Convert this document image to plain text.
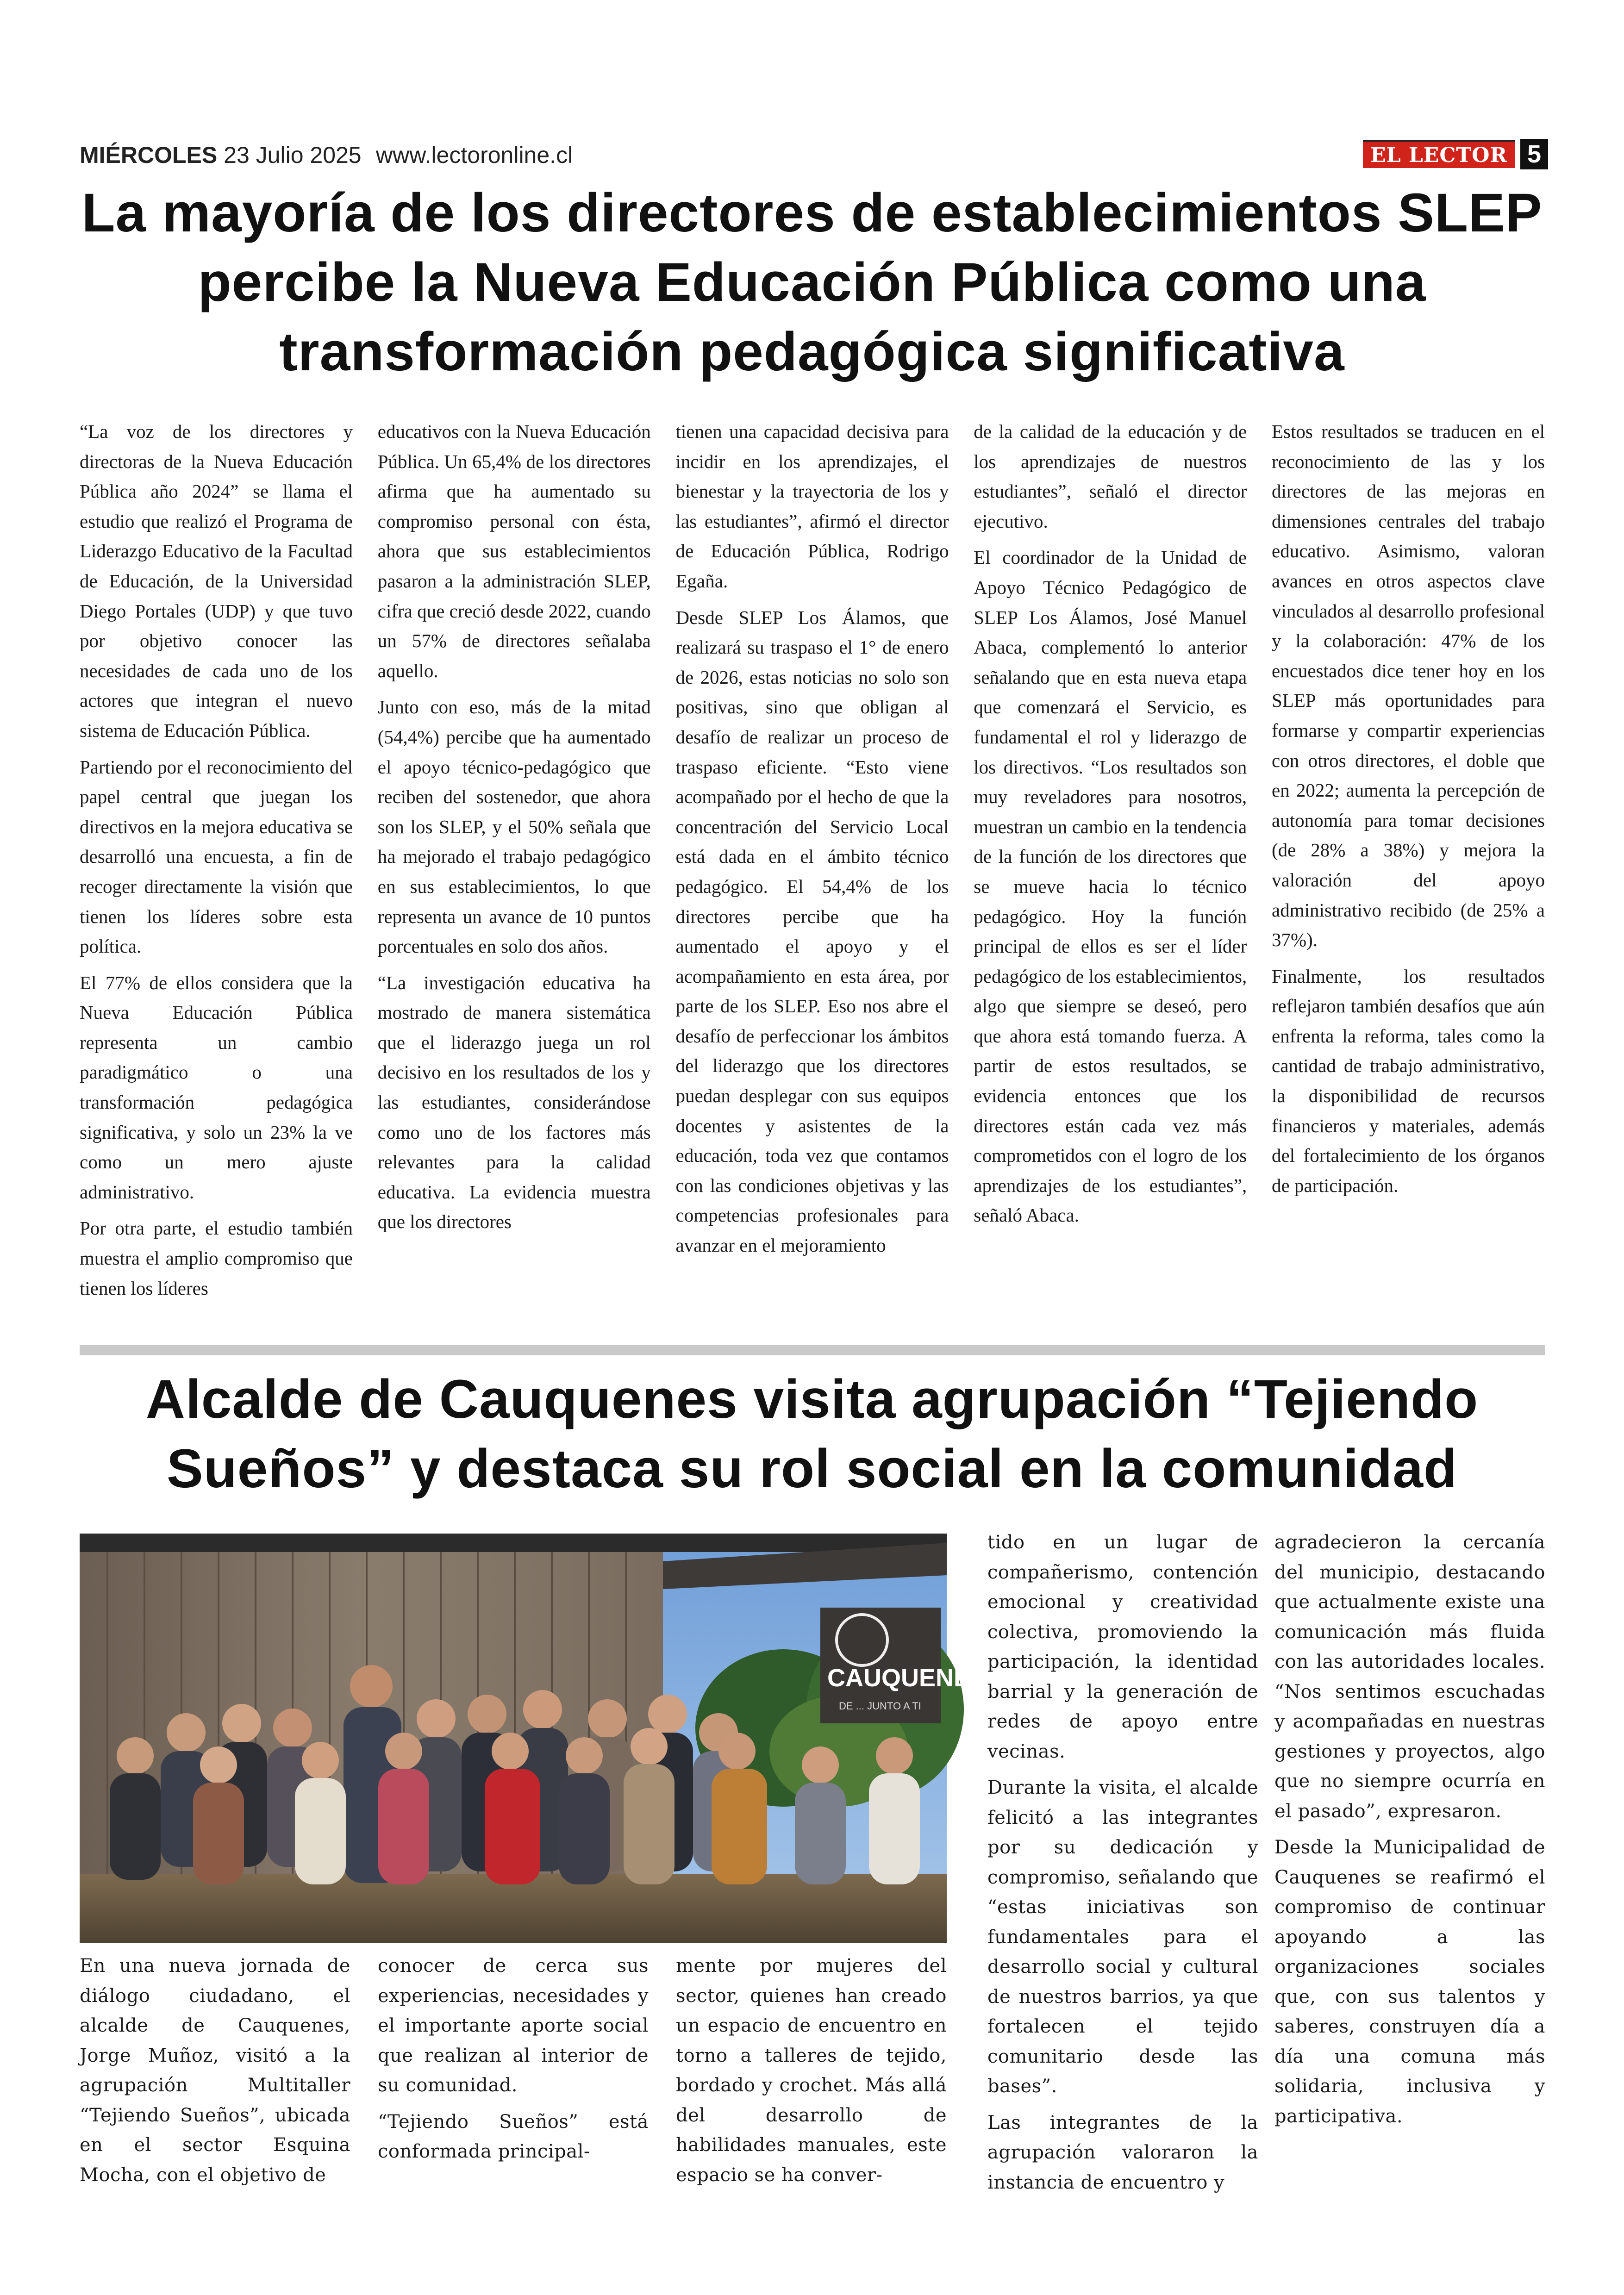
MIÉRCOLES 23 Julio 2025 www.lectoronline.cl	EL LECTOR 5
La mayoría de los directores de establecimientos SLEP
percibe la Nueva Educación Pública como una
transformación pedagógica significativa

“La voz de los directores y directoras de la Nueva Educación Pública año 2024” se llama el estudio que realizó el Programa de Liderazgo Educativo de la Facultad de Educación, de la Universidad Diego Portales (UDP) y que tuvo por objetivo conocer las necesidades de cada uno de los actores que integran el nuevo sistema de Educación Pública.

Partiendo por el reconocimiento del papel central que juegan los directivos en la mejora educativa se desarrolló una encuesta, a fin de recoger directamente la visión que tienen los líderes sobre esta política.

El 77% de ellos considera que la Nueva Educación Pública representa un cambio paradigmático o una transformación pedagógica significativa, y solo un 23% la ve como un mero ajuste administrativo.

Por otra parte, el estudio también muestra el amplio compromiso que tienen los líderes

educativos con la Nueva Educación Pública. Un 65,4% de los directores afirma que ha aumentado su compromiso personal con ésta, ahora que sus establecimientos pasaron a la administración SLEP, cifra que creció desde 2022, cuando un 57% de directores señalaba aquello.

Junto con eso, más de la mitad (54,4%) percibe que ha aumentado el apoyo técnico-pedagógico que reciben del sostenedor, que ahora son los SLEP, y el 50% señala que ha mejorado el trabajo pedagógico en sus establecimientos, lo que representa un avance de 10 puntos porcentuales en solo dos años.

“La investigación educativa ha mostrado de manera sistemática que el liderazgo juega un rol decisivo en los resultados de los y las estudiantes, considerándose como uno de los factores más relevantes para la calidad educativa. La evidencia muestra que los directores

tienen una capacidad decisiva para incidir en los aprendizajes, el bienestar y la trayectoria de los y las estudiantes”, afirmó el director de Educación Pública, Rodrigo Egaña.

Desde SLEP Los Álamos, que realizará su traspaso el 1° de enero de 2026, estas noticias no solo son positivas, sino que obligan al desafío de realizar un proceso de traspaso eficiente. “Esto viene acompañado por el hecho de que la concentración del Servicio Local está dada en el ámbito técnico pedagógico. El 54,4% de los directores percibe que ha aumentado el apoyo y el acompañamiento en esta área, por parte de los SLEP. Eso nos abre el desafío de perfeccionar los ámbitos del liderazgo que los directores puedan desplegar con sus equipos docentes y asistentes de la educación, toda vez que contamos con las condiciones objetivas y las competencias profesionales para avanzar en el mejoramiento

de la calidad de la educación y de los aprendizajes de nuestros estudiantes”, señaló el director ejecutivo.

El coordinador de la Unidad de Apoyo Técnico Pedagógico de SLEP Los Álamos, José Manuel Abaca, complementó lo anterior señalando que en esta nueva etapa que comenzará el Servicio, es fundamental el rol y liderazgo de los directivos. “Los resultados son muy reveladores para nosotros, muestran un cambio en la tendencia de la función de los directores que se mueve hacia lo técnico pedagógico. Hoy la función principal de ellos es ser el líder pedagógico de los establecimientos, algo que siempre se deseó, pero que ahora está tomando fuerza. A partir de estos resultados, se evidencia entonces que los directores están cada vez más comprometidos con el logro de los aprendizajes de los estudiantes”, señaló Abaca.

Estos resultados se traducen en el reconocimiento de las y los directores de las mejoras en dimensiones centrales del trabajo educativo. Asimismo, valoran avances en otros aspectos clave vinculados al desarrollo profesional y la colaboración: 47% de los encuestados dice tener hoy en los SLEP más oportunidades para formarse y compartir experiencias con otros directores, el doble que en 2022; aumenta la percepción de autonomía para tomar decisiones (de 28% a 38%) y mejora la valoración del apoyo administrativo recibido (de 25% a 37%).

Finalmente, los resultados reflejaron también desafíos que aún enfrenta la reforma, tales como la cantidad de trabajo administrativo, la disponibilidad de recursos financieros y materiales, además del fortalecimiento de los órganos de participación.

Alcalde de Cauquenes visita agrupación “Tejiendo
Sueños” y destaca su rol social en la comunidad
CAUQUENES
DE ... JUNTO A TI

En una nueva jornada de diálogo ciudadano, el alcalde de Cauquenes, Jorge Muñoz, visitó a la agrupación Multitaller “Tejiendo Sueños”, ubicada en el sector Esquina Mocha, con el objetivo de

conocer de cerca sus experiencias, necesidades y el importante aporte social que realizan al interior de su comunidad.

“Tejiendo Sueños” está conformada principal-

mente por mujeres del sector, quienes han creado un espacio de encuentro en torno a talleres de tejido, bordado y crochet. Más allá del desarrollo de habilidades manuales, este espacio se ha conver-

tido en un lugar de compañerismo, contención emocional y creatividad colectiva, promoviendo la participación, la identidad barrial y la generación de redes de apoyo entre vecinas.

Durante la visita, el alcalde felicitó a las integrantes por su dedicación y compromiso, señalando que “estas iniciativas son fundamentales para el desarrollo social y cultural de nuestros barrios, ya que fortalecen el tejido comunitario desde las bases”.

Las integrantes de la agrupación valoraron la instancia de encuentro y

agradecieron la cercanía del municipio, destacando que actualmente existe una comunicación más fluida con las autoridades locales. “Nos sentimos escuchadas y acompañadas en nuestras gestiones y proyectos, algo que no siempre ocurría en el pasado”, expresaron.

Desde la Municipalidad de Cauquenes se reafirmó el compromiso de continuar apoyando a las organizaciones sociales que, con sus talentos y saberes, construyen día a día una comuna más solidaria, inclusiva y participativa.
